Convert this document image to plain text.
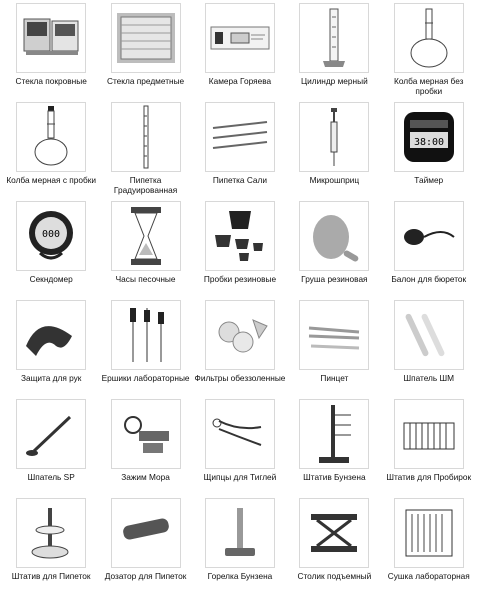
Стекла покровные	Стекла предметные	Камера Горяева	Цилиндр мерный	Колба мерная без пробки
Колба мерная с пробки	Пипетка Градуированная
Пипетка Сали	Микрошприц
38:00
Таймер
000
Секндомер	Часы песочные	Пробки резиновые	Груша резиновая	Балон для бюреток
Защита для рук	Ершики лабораторные Фильтры обеззоленные	Пинцет	Шпатель ШМ
Шпатель SP	Зажим Мора	Щипцы для Тиглей	Штатив Бунзена	Штатив для Пробирок
Штатив для Пипеток	Дозатор для Пипеток	Горелка Бунзена	Столик подъемный	Сушка лабораторная
